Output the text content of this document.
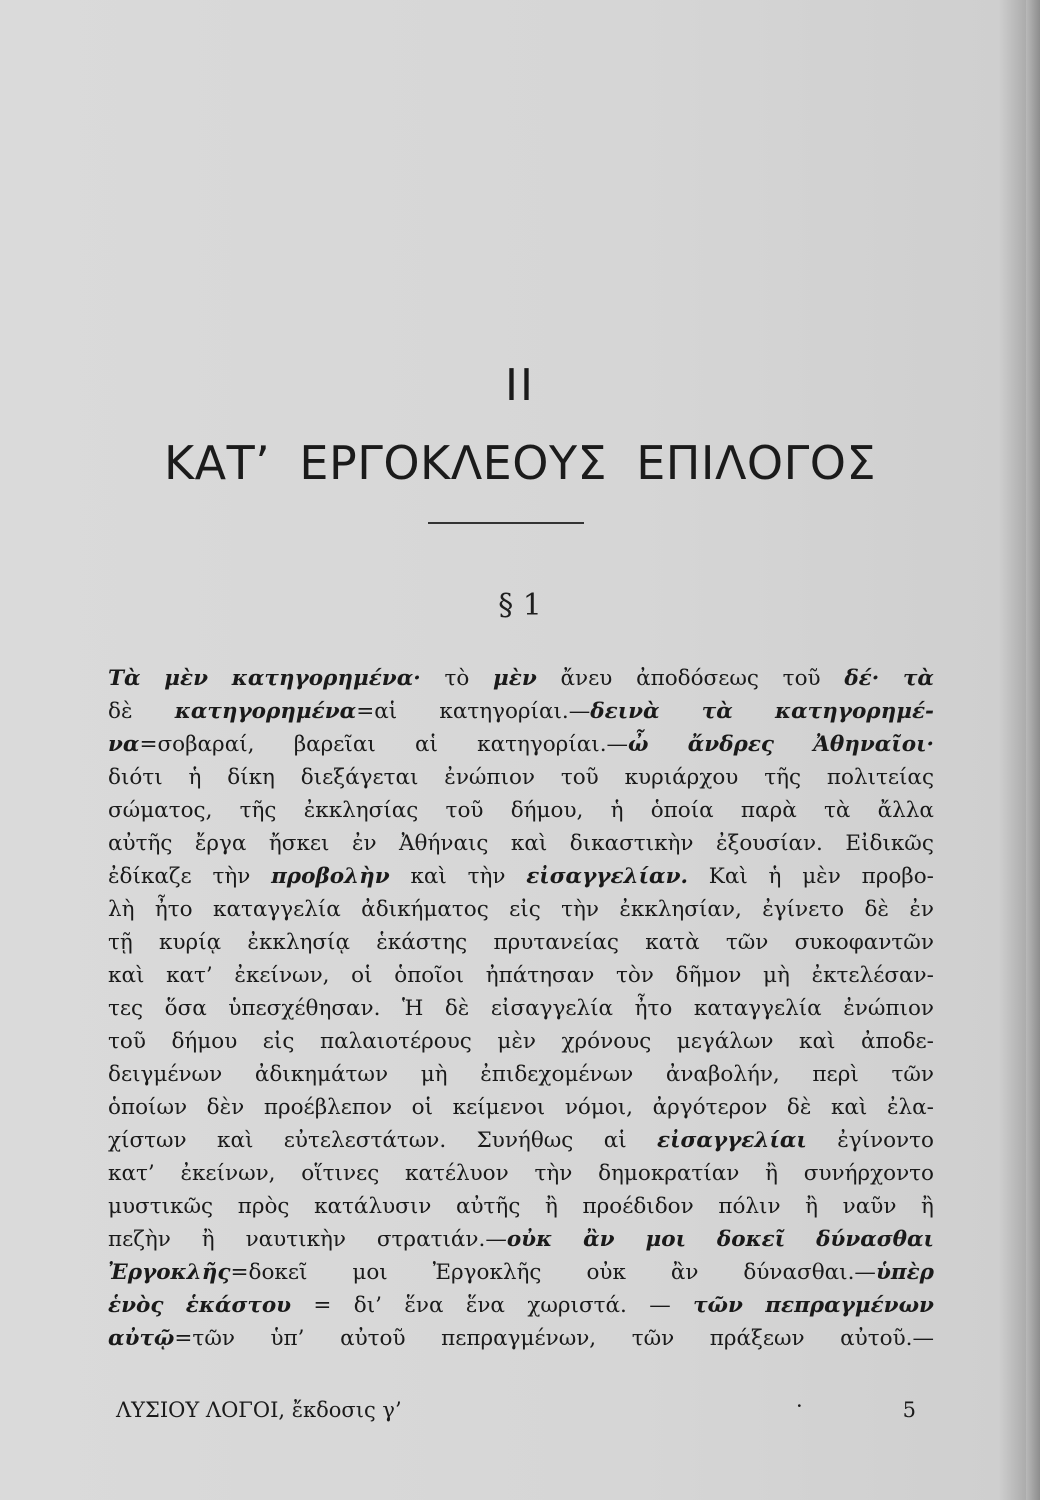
II
ΚΑΤ’ ΕΡΓΟΚΛΕΟΥΣ ΕΠΙΛΟΓΟΣ
§ 1
Τὰ μὲν κατηγορημένα· τὸ μὲν ἄνευ ἀποδόσεως τοῦ δέ· τὰ
δὲ κατηγορημένα=αἱ κατηγορίαι.—δεινὰ τὰ κατηγορημέ-
να=σοβαραί, βαρεῖαι αἱ κατηγορίαι.—ὦ ἄνδρες Ἀθηναῖοι·
διότι ἡ δίκη διεξάγεται ἐνώπιον τοῦ κυριάρχου τῆς πολιτείας
σώματος, τῆς ἐκκλησίας τοῦ δήμου, ἡ ὁποία παρὰ τὰ ἄλλα
αὐτῆς ἔργα ἤσκει ἐν Ἀθήναις καὶ δικαστικὴν ἐξουσίαν. Εἰδικῶς
ἐδίκαζε τὴν προβολὴν καὶ τὴν εἰσαγγελίαν. Καὶ ἡ μὲν προβο-
λὴ ἦτο καταγγελία ἀδικήματος εἰς τὴν ἐκκλησίαν, ἐγίνετο δὲ ἐν
τῇ κυρίᾳ ἐκκλησίᾳ ἑκάστης πρυτανείας κατὰ τῶν συκοφαντῶν
καὶ κατ’ ἐκείνων, οἱ ὁποῖοι ἠπάτησαν τὸν δῆμον μὴ ἐκτελέσαν-
τες ὅσα ὑπεσχέθησαν. Ἡ δὲ εἰσαγγελία ἦτο καταγγελία ἐνώπιον
τοῦ δήμου εἰς παλαιοτέρους μὲν χρόνους μεγάλων καὶ ἀποδε-
δειγμένων ἀδικημάτων μὴ ἐπιδεχομένων ἀναβολήν, περὶ τῶν
ὁποίων δὲν προέβλεπον οἱ κείμενοι νόμοι, ἀργότερον δὲ καὶ ἐλα-
χίστων καὶ εὐτελεστάτων. Συνήθως αἱ εἰσαγγελίαι ἐγίνοντο
κατ’ ἐκείνων, οἵτινες κατέλυον τὴν δημοκρατίαν ἢ συνήρχοντο
μυστικῶς πρὸς κατάλυσιν αὐτῆς ἢ προέδιδον πόλιν ἢ ναῦν ἢ
πεζὴν ἢ ναυτικὴν στρατιάν.—οὐκ ἂν μοι δοκεῖ δύνασθαι
Ἐργοκλῆς=δοκεῖ μοι Ἐργοκλῆς οὐκ ἂν δύνασθαι.—ὑπὲρ
ἑνὸς ἑκάστου = δι’ ἕνα ἕνα χωριστά. — τῶν πεπραγμένων
αὐτῷ=τῶν ὑπ’ αὐτοῦ πεπραγμένων, τῶν πράξεων αὐτοῦ.—
ΛΥΣΙΟΥ ΛΟΓΟΙ, ἔκδοσις γ’	·	5
